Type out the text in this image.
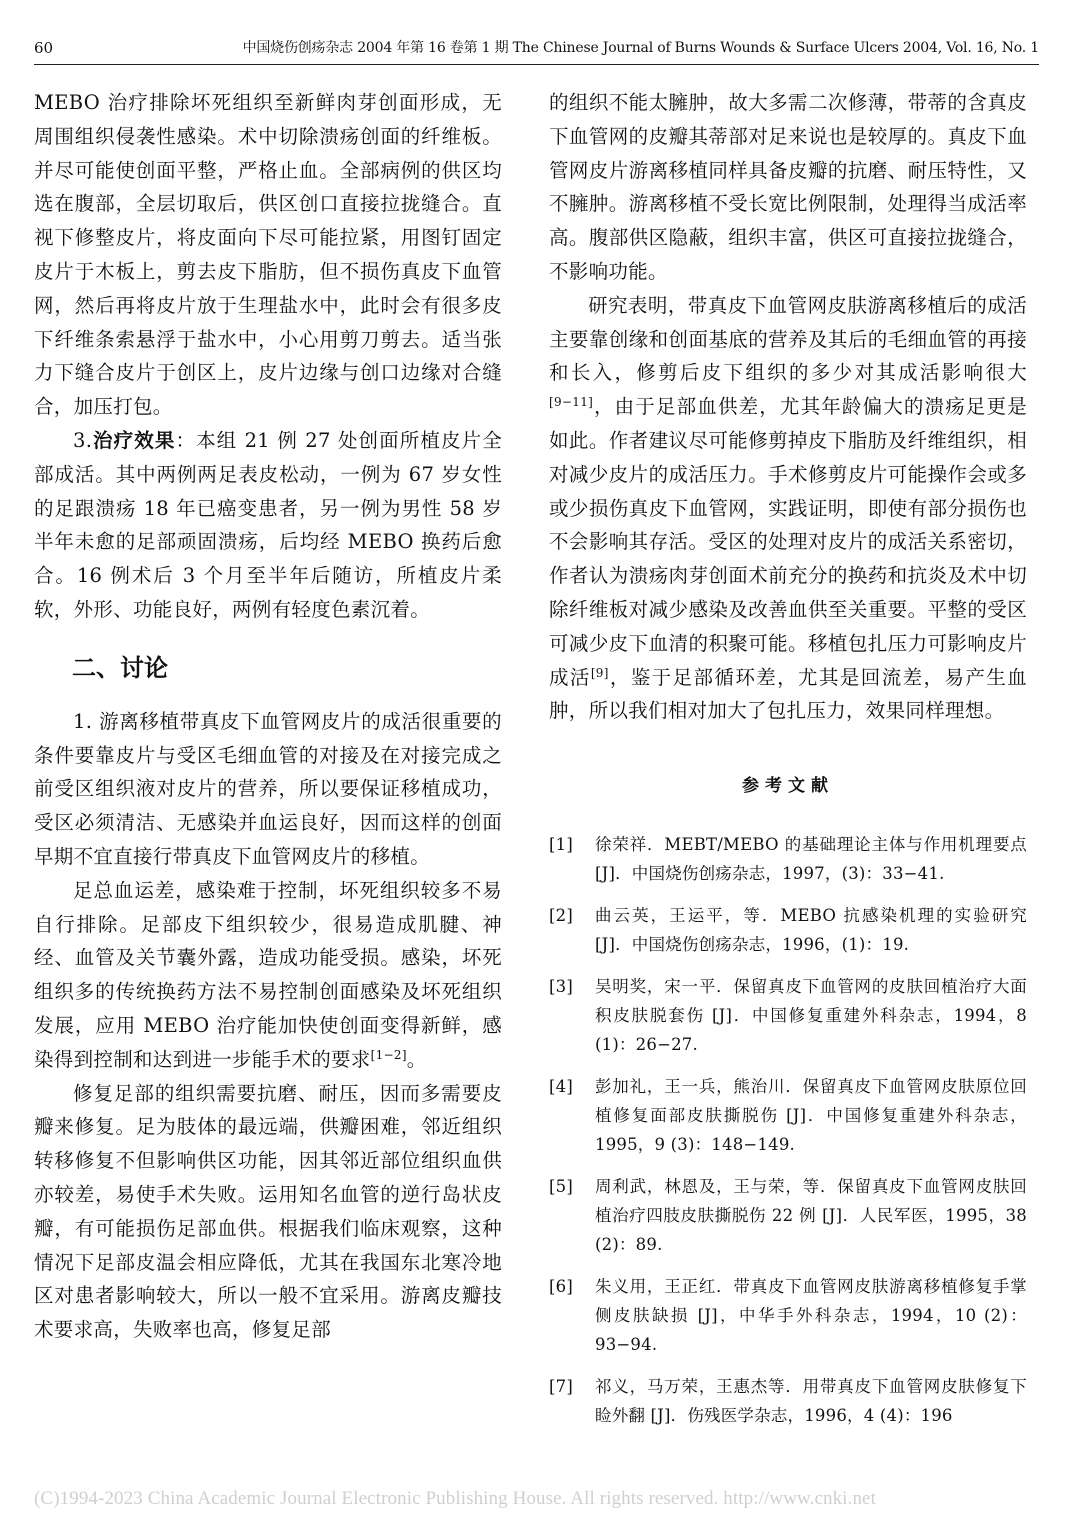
60	中国烧伤创疡杂志 2004 年第 16 卷第 1 期 The Chinese Journal of Burns Wounds & Surface Ulcers 2004, Vol. 16, No. 1

MEBO 治疗排除坏死组织至新鲜肉芽创面形成，无周围组织侵袭性感染。术中切除溃疡创面的纤维板。并尽可能使创面平整，严格止血。全部病例的供区均选在腹部，全层切取后，供区创口直接拉拢缝合。直视下修整皮片，将皮面向下尽可能拉紧，用图钉固定皮片于木板上，剪去皮下脂肪，但不损伤真皮下血管网，然后再将皮片放于生理盐水中，此时会有很多皮下纤维条索悬浮于盐水中，小心用剪刀剪去。适当张力下缝合皮片于创区上，皮片边缘与创口边缘对合缝合，加压打包。

3.治疗效果：本组 21 例 27 处创面所植皮片全部成活。其中两例两足表皮松动，一例为 67 岁女性的足跟溃疡 18 年已癌变患者，另一例为男性 58 岁半年未愈的足部顽固溃疡，后均经 MEBO 换药后愈合。16 例术后 3 个月至半年后随访，所植皮片柔软，外形、功能良好，两例有轻度色素沉着。

二、讨论

1. 游离移植带真皮下血管网皮片的成活很重要的条件要靠皮片与受区毛细血管的对接及在对接完成之前受区组织液对皮片的营养，所以要保证移植成功，受区必须清洁、无感染并血运良好，因而这样的创面早期不宜直接行带真皮下血管网皮片的移植。

足总血运差，感染难于控制，坏死组织较多不易自行排除。足部皮下组织较少，很易造成肌腱、神经、血管及关节囊外露，造成功能受损。感染，坏死组织多的传统换药方法不易控制创面感染及坏死组织发展，应用 MEBO 治疗能加快使创面变得新鲜，感染得到控制和达到进一步能手术的要求[1−2]。

修复足部的组织需要抗磨、耐压，因而多需要皮瓣来修复。足为肢体的最远端，供瓣困难，邻近组织转移修复不但影响供区功能，因其邻近部位组织血供亦较差，易使手术失败。运用知名血管的逆行岛状皮瓣，有可能损伤足部血供。根据我们临床观察，这种情况下足部皮温会相应降低，尤其在我国东北寒冷地区对患者影响较大，所以一般不宜采用。游离皮瓣技术要求高，失败率也高，修复足部

的组织不能太臃肿，故大多需二次修薄，带蒂的含真皮下血管网的皮瓣其蒂部对足来说也是较厚的。真皮下血管网皮片游离移植同样具备皮瓣的抗磨、耐压特性，又不臃肿。游离移植不受长宽比例限制，处理得当成活率高。腹部供区隐蔽，组织丰富，供区可直接拉拢缝合，不影响功能。

研究表明，带真皮下血管网皮肤游离移植后的成活主要靠创缘和创面基底的营养及其后的毛细血管的再接和长入，修剪后皮下组织的多少对其成活影响很大[9−11]，由于足部血供差，尤其年龄偏大的溃疡足更是如此。作者建议尽可能修剪掉皮下脂肪及纤维组织，相对减少皮片的成活压力。手术修剪皮片可能操作会或多或少损伤真皮下血管网，实践证明，即使有部分损伤也不会影响其存活。受区的处理对皮片的成活关系密切，作者认为溃疡肉芽创面术前充分的换药和抗炎及术中切除纤维板对减少感染及改善血供至关重要。平整的受区可减少皮下血清的积聚可能。移植包扎压力可影响皮片成活[9]，鉴于足部循环差，尤其是回流差，易产生血肿，所以我们相对加大了包扎压力，效果同样理想。

参考文献
[1] 徐荣祥．MEBT/MEBO 的基础理论主体与作用机理要点 [J]．中国烧伤创疡杂志，1997，(3)：33−41.
[2] 曲云英，王运平，等．MEBO 抗感染机理的实验研究 [J]．中国烧伤创疡杂志，1996，(1)：19.
[3] 吴明奖，宋一平．保留真皮下血管网的皮肤回植治疗大面积皮肤脱套伤 [J]．中国修复重建外科杂志，1994，8 (1)：26−27.
[4] 彭加礼，王一兵，熊治川．保留真皮下血管网皮肤原位回植修复面部皮肤撕脱伤 [J]．中国修复重建外科杂志，1995，9 (3)：148−149.
[5] 周利武，林恩及，王与荣，等．保留真皮下血管网皮肤回植治疗四肢皮肤撕脱伤 22 例 [J]．人民军医，1995，38 (2)：89.
[6] 朱义用，王正红．带真皮下血管网皮肤游离移植修复手掌侧皮肤缺损 [J]，中华手外科杂志，1994，10 (2)：93−94.
[7] 祁义，马万荣，王惠杰等．用带真皮下血管网皮肤修复下睑外翻 [J]．伤残医学杂志，1996，4 (4)：196
(C)1994-2023 China Academic Journal Electronic Publishing House. All rights reserved. http://www.cnki.net
